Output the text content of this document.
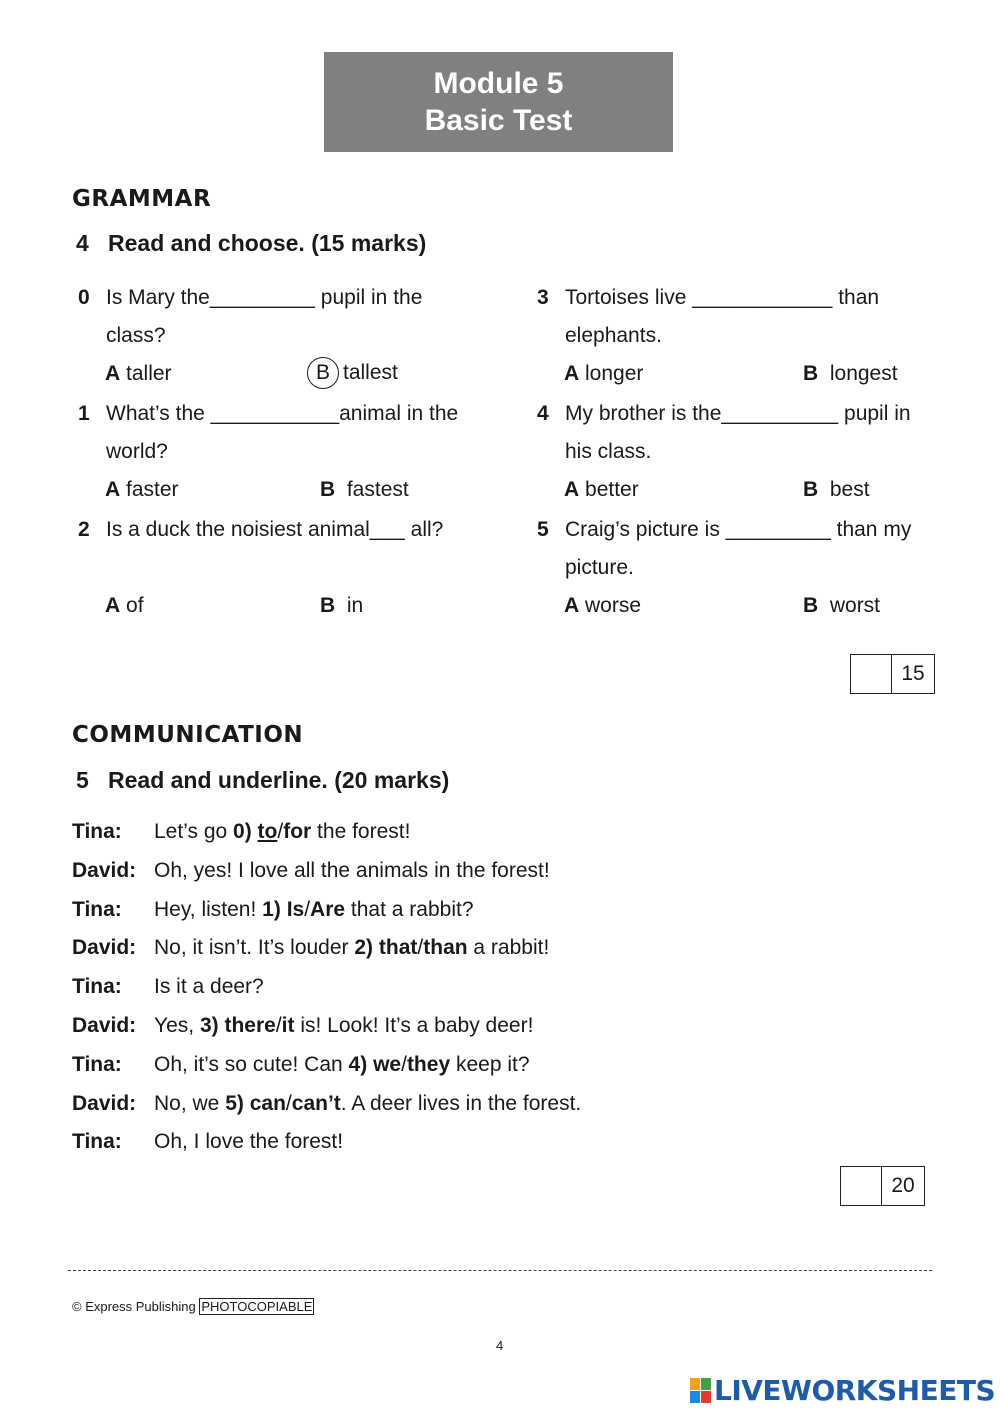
Module 5
Basic Test
GRAMMAR
4 Read and choose. (15 marks)
0 Is Mary the_________ pupil in the class?
A taller	B tallest
1 What’s the ___________animal in the world?
A faster	B fastest
2 Is a duck the noisiest animal___ all?
A of	B in
3 Tortoises live ____________ than elephants.
A longer	B longest
4 My brother is the__________ pupil in his class.
A better	B best
5 Craig’s picture is _________ than my picture.
A worse	B worst
15
COMMUNICATION
5 Read and underline. (20 marks)
Tina: Let’s go 0) to/for the forest!
David: Oh, yes! I love all the animals in the forest!
Tina: Hey, listen! 1) Is/Are that a rabbit?
David: No, it isn’t. It’s louder 2) that/than a rabbit!
Tina: Is it a deer?
David: Yes, 3) there/it is! Look! It’s a baby deer!
Tina: Oh, it’s so cute! Can 4) we/they keep it?
David: No, we 5) can/can’t. A deer lives in the forest.
Tina: Oh, I love the forest!
20
© Express Publishing PHOTOCOPIABLE
4
LIVEWORKSHEETS
